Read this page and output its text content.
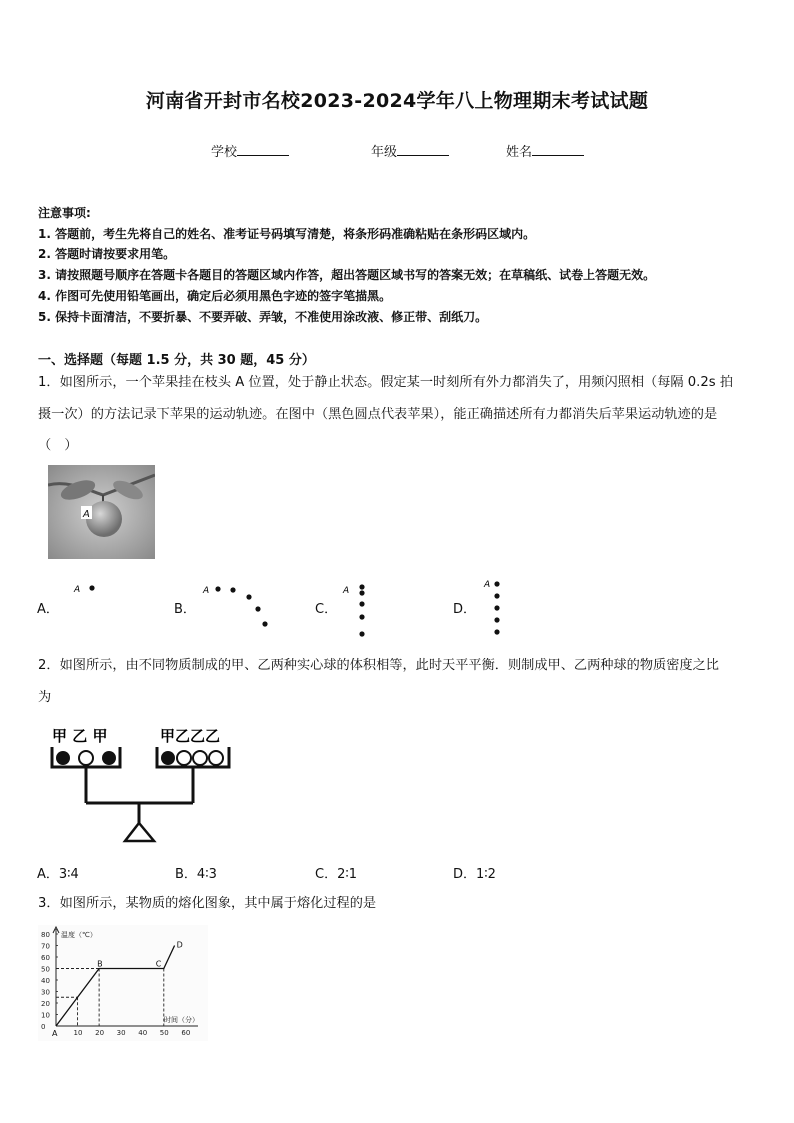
河南省开封市名校2023-2024学年八上物理期末考试试题
学校	年级	姓名
注意事项:
1. 答题前，考生先将自己的姓名、准考证号码填写清楚，将条形码准确粘贴在条形码区域内。
2. 答题时请按要求用笔。
3. 请按照题号顺序在答题卡各题目的答题区域内作答，超出答题区域书写的答案无效；在草稿纸、试卷上答题无效。
4. 作图可先使用铅笔画出，确定后必须用黑色字迹的签字笔描黑。
5. 保持卡面清洁，不要折暴、不要弄破、弄皱，不准使用涂改液、修正带、刮纸刀。
一、选择题（每题 1.5 分，共 30 题，45 分）
1．如图所示，一个苹果挂在枝头 A 位置，处于静止状态。假定某一时刻所有外力都消失了，用频闪照相（每隔 0.2s 拍
摄一次）的方法记录下苹果的运动轨迹。在图中（黑色圆点代表苹果），能正确描述所有力都消失后苹果运动轨迹的是
（　）
A
A．	B．	C．	D．
A	A	A
A
2．如图所示，由不同物质制成的甲、乙两种实心球的体积相等，此时天平平衡．则制成甲、乙两种球的物质密度之比
为
甲 乙 甲	甲乙乙乙
A．3∶4	B．4∶3	C．2∶1	D．1∶2
3．如图所示，某物质的熔化图象，其中属于熔化过程的是
80
70
60
50
40
30
20
10
0
10 20 30 40 50 60
温度（℃）
时间（分）
A
B	C
D
